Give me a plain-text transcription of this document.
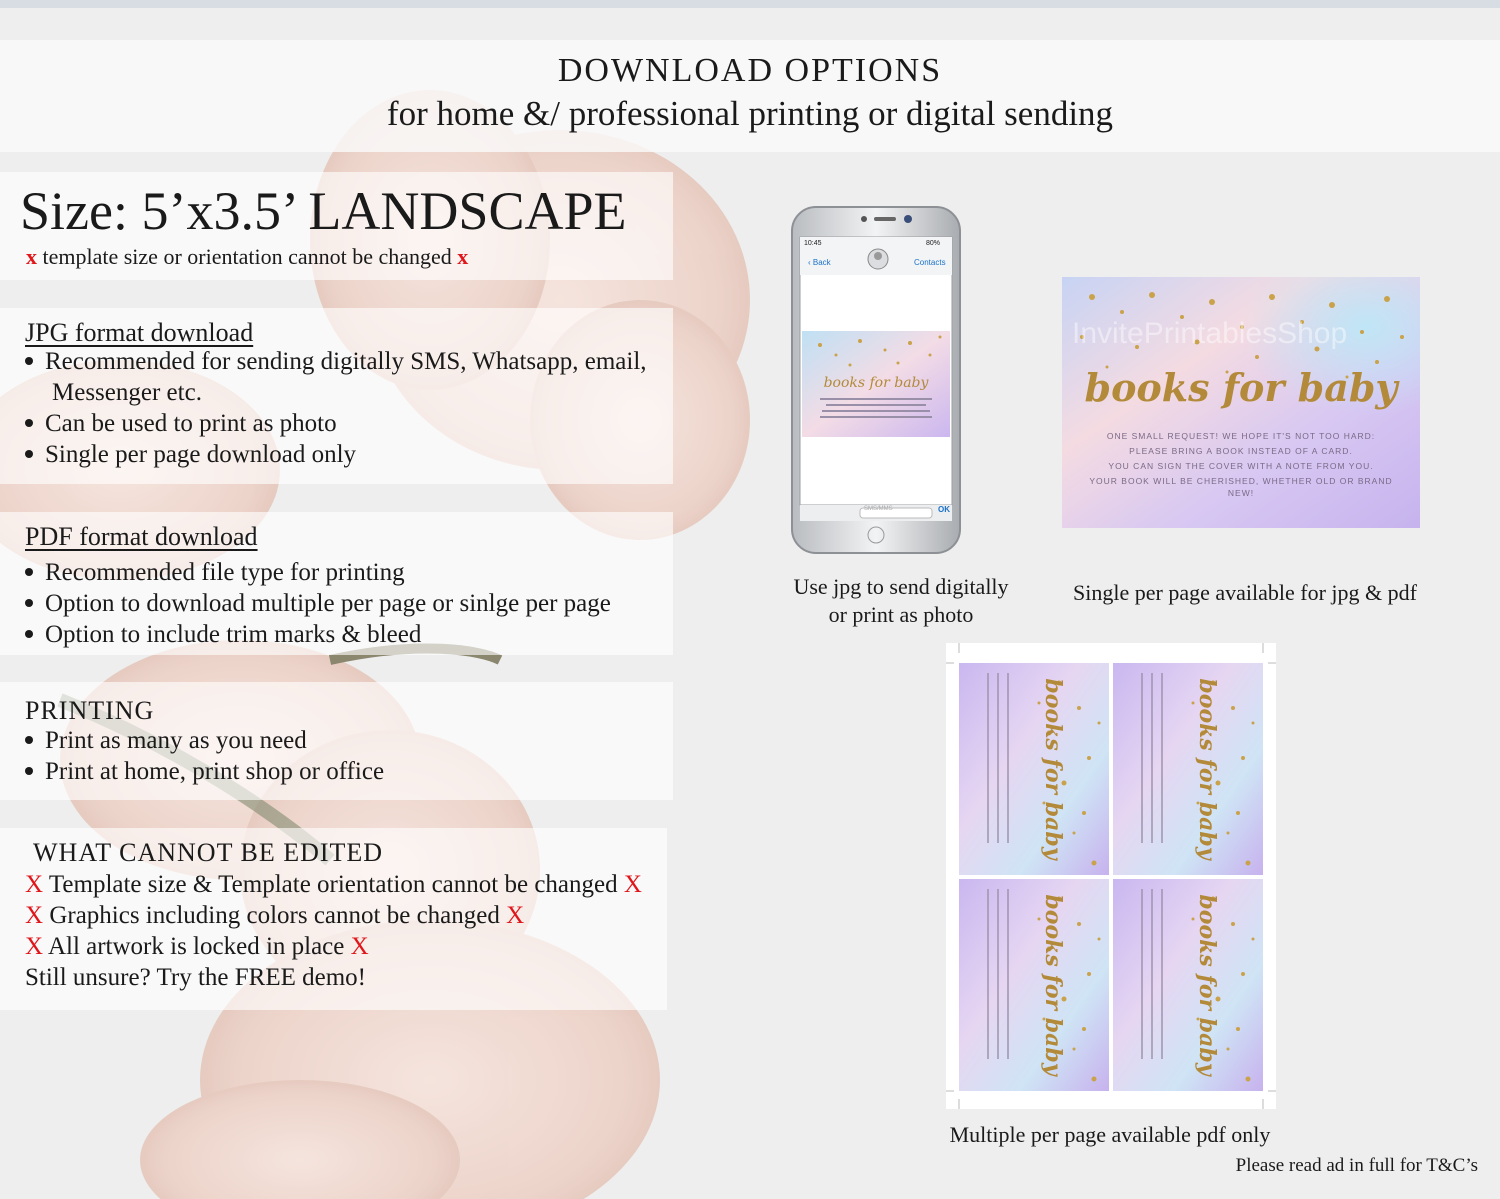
DOWNLOAD OPTIONS
for home &/ professional printing or digital sending
Size: 5’x3.5’ LANDSCAPE
x template size or orientation cannot be changed x
JPG format download
Recommended for sending digitally SMS, Whatsapp, email,
Messenger etc.
Can be used to print as photo
Single per page download only
PDF format download
Recommended file type for printing
Option to download multiple per page or sinlge per page
Option to include trim marks & bleed
PRINTING
Print as many as you need
Print at home, print shop or office
WHAT CANNOT BE EDITED
X Template size & Template orientation cannot be changed X
X Graphics including colors cannot be changed X
X All artwork is locked in place X
Still unsure? Try the FREE demo!
books for baby
10:45	80%
‹ Back	Contacts
SMS/MMS	OK
Use jpg to send digitally
or print as photo
InvitePrintablesShop
books for baby
ONE SMALL REQUEST! WE HOPE IT'S NOT TOO HARD:
PLEASE BRING A BOOK INSTEAD OF A CARD.
YOU CAN SIGN THE COVER WITH A NOTE FROM YOU.
YOUR BOOK WILL BE CHERISHED, WHETHER OLD OR BRAND
NEW!
Single per page available for jpg & pdf
books for baby	books for baby
books for baby	books for baby
Multiple per page available pdf only
Please read ad in full for T&C’s
